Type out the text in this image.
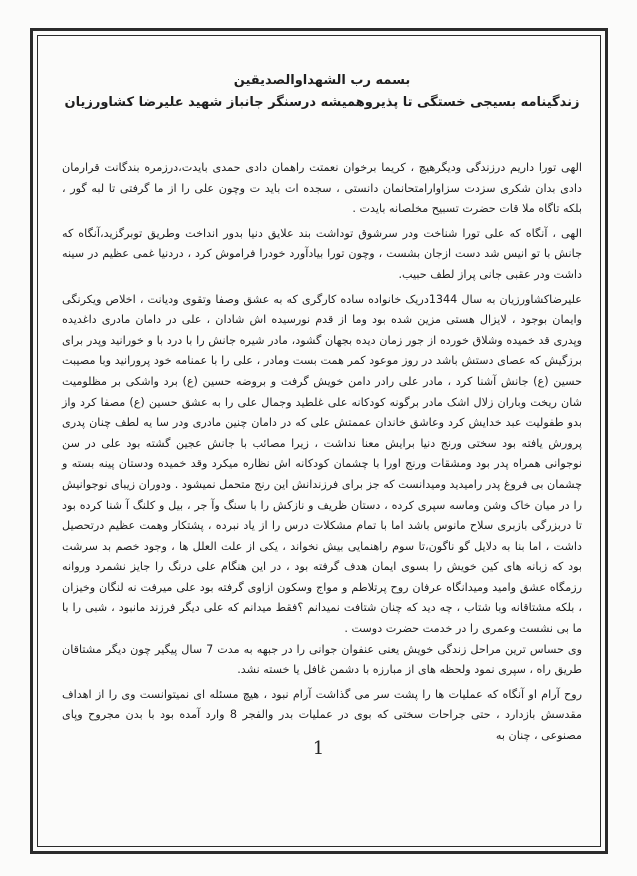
بسمه رب الشهداوالصدیقین

زندگینامه بسیجی خستگی تا پذیروهمیشه درسنگر جانباز شهید علیرضا کشاورزیان

الهی تورا داریم درزندگی ودیگرهیچ ، کریما برخوان نعمتت راهمان دادی حمدی بایدت،درزمره بندگانت قرارمان دادی بدان شکری سزدت سزاوارامتحانمان دانستی ، سجده ات باید ت وچون علی را از ما گرفتی تا لبه گور ، بلکه تاگاه ملا قات حضرت تسبیح مخلصانه بایدت .

الهی ، آنگاه که علی تورا شناخت ودر سرشوق توداشت بند علایق دنیا بدور انداخت وطریق توبرگزید،آنگاه که جانش با تو انیس شد دست ازجان بشست ، وچون تورا بیادآورد خودرا فراموش کرد ، دردنیا غمی عظیم در سینه داشت ودر عقبی جانی پراز لطف حبیب.

علیرضاکشاورزیان به سال 1344دریک خانواده ساده کارگری که به عشق وصفا وتقوی ودیانت ، اخلاص ویکرنگی وایمان بوجود ، لایزال هستی مزین شده بود وما از قدم نورسیده اش شادان ، علی در دامان مادری داغدیده وپدری قد خمیده وشلاق خورده از جور زمان دیده بجهان گشود، مادر شیره جانش را با درد با و خورانید وپدر برای برزگیش که عصای دستش باشد در روز موعود کمر همت بست ومادر ، علی را با عمنامه خود پرورانید وبا مصیبت حسین (ع) جانش آشنا کرد ، مادر علی رادر دامن خویش گرفت و بروضه حسین (ع) برد واشکی بر مظلومیت شان ریخت وباران زلال اشک مادر برگونه کودکانه علی غلطید وجمال علی را به عشق حسین (ع) مصفا کرد واز بدو طفولیت عبد خدایش کرد وعاشق خاندان عممتش علی که در دامان چنین مادری ودر سا یه لطف چنان پدری پرورش یافته بود سختی ورنج دنیا برایش معنا نداشت ، زیرا مصائب با جانش عجین گشته بود علی در سن نوجوانی همراه پدر بود ومشقات ورنج اورا با چشمان کودکانه اش نظاره میکرد وقد خمیده ودستان پینه بسته و چشمان بی فروغ پدر رامیدید ومیدانست که جز برای فرزندانش این رنج متحمل نمیشود . ودوران زیبای نوجوانیش را در میان خاک وشن وماسه سپری کرده ، دستان ظریف و نازکش را با سنگ وآ جر ، بیل و کلنگ آ شنا کرده بود تا دربزرگی بازبری سلاح مانوس باشد اما با تمام مشکلات درس را از یاد نبرده ، پشتکار وهمت عظیم درتحصیل داشت ، اما بنا به دلایل گو ناگون،تا سوم راهنمایی بیش نخواند ، یکی از علت العلل ها ، وجود خصم بد سرشت بود که زبانه های کین خویش را بسوی ایمان هدف گرفته بود ، در این هنگام علی درنگ را جایز نشمرد وروانه رزمگاه عشق وامید ومیدانگاه عرفان روح پرتلاطم و مواج وسکون ازاوی گرفته بود علی میرفت نه لنگان وخیزان ، بلکه مشتاقانه وبا شتاب ، چه دید که چنان شتافت نمیدانم ؟فقط میدانم که علی دیگر فرزند مانبود ، شبی را با ما بی نشست وعمری را در خدمت حضرت دوست .

وی حساس ترین مراحل زندگی خویش یعنی عنفوان جوانی را در جبهه به مدت 7 سال پیگیر چون دیگر مشتاقان طریق راه ، سپری نمود ولحظه های از مبارزه با دشمن غافل یا خسته نشد.

روح آرام او آنگاه که عملیات ها را پشت سر می گذاشت آرام نبود ، هیچ مسئله ای نمیتوانست وی را از اهداف مقدسش بازدارد ، حتی جراحات سختی که بوی در عملیات بدر والفجر 8 وارد آمده بود با بدن مجروح وپای مصنوعی ، چنان به

1
